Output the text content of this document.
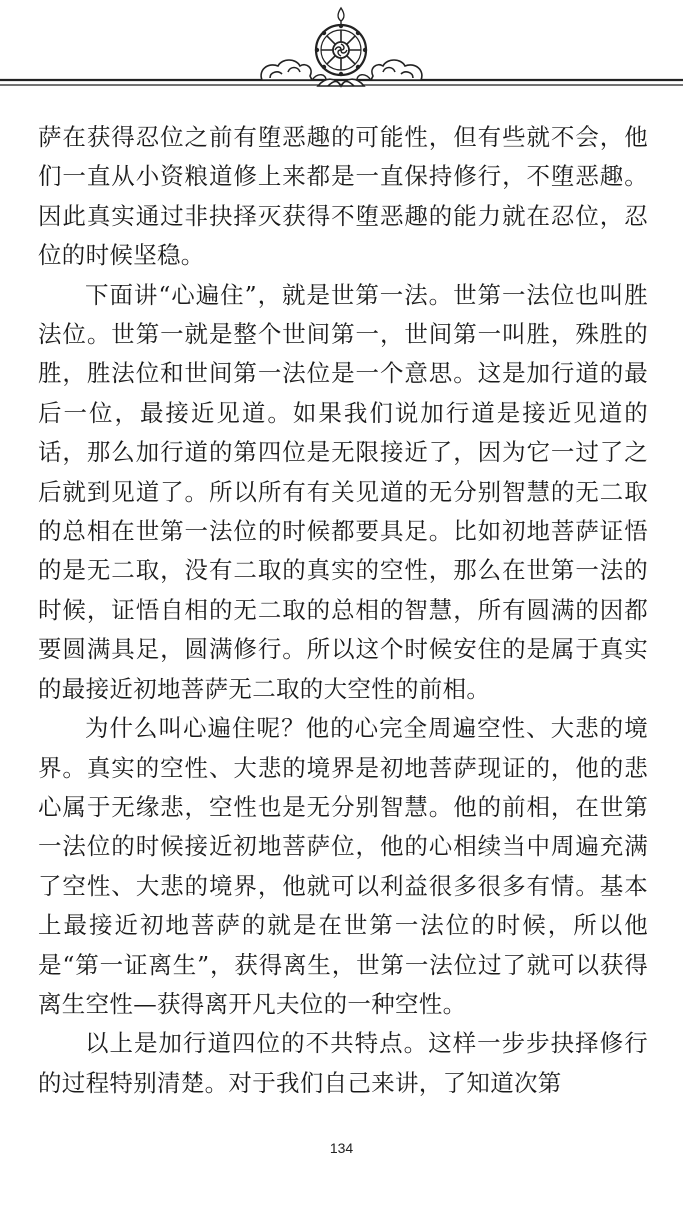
萨在获得忍位之前有堕恶趣的可能性，但有些就不会，他们一直从小资粮道修上来都是一直保持修行，不堕恶趣。因此真实通过非抉择灭获得不堕恶趣的能力就在忍位，忍位的时候坚稳。

下面讲“心遍住”，就是世第一法。世第一法位也叫胜法位。世第一就是整个世间第一，世间第一叫胜，殊胜的胜，胜法位和世间第一法位是一个意思。这是加行道的最后一位，最接近见道。如果我们说加行道是接近见道的话，那么加行道的第四位是无限接近了，因为它一过了之后就到见道了。所以所有有关见道的无分别智慧的无二取的总相在世第一法位的时候都要具足。比如初地菩萨证悟的是无二取，没有二取的真实的空性，那么在世第一法的时候，证悟自相的无二取的总相的智慧，所有圆满的因都要圆满具足，圆满修行。所以这个时候安住的是属于真实的最接近初地菩萨无二取的大空性的前相。

为什么叫心遍住呢？他的心完全周遍空性、大悲的境界。真实的空性、大悲的境界是初地菩萨现证的，他的悲心属于无缘悲，空性也是无分别智慧。他的前相，在世第一法位的时候接近初地菩萨位，他的心相续当中周遍充满了空性、大悲的境界，他就可以利益很多很多有情。基本上最接近初地菩萨的就是在世第一法位的时候，所以他是“第一证离生”，获得离生，世第一法位过了就可以获得离生空性—获得离开凡夫位的一种空性。

以上是加行道四位的不共特点。这样一步步抉择修行的过程特别清楚。对于我们自己来讲，了知道次第

134
